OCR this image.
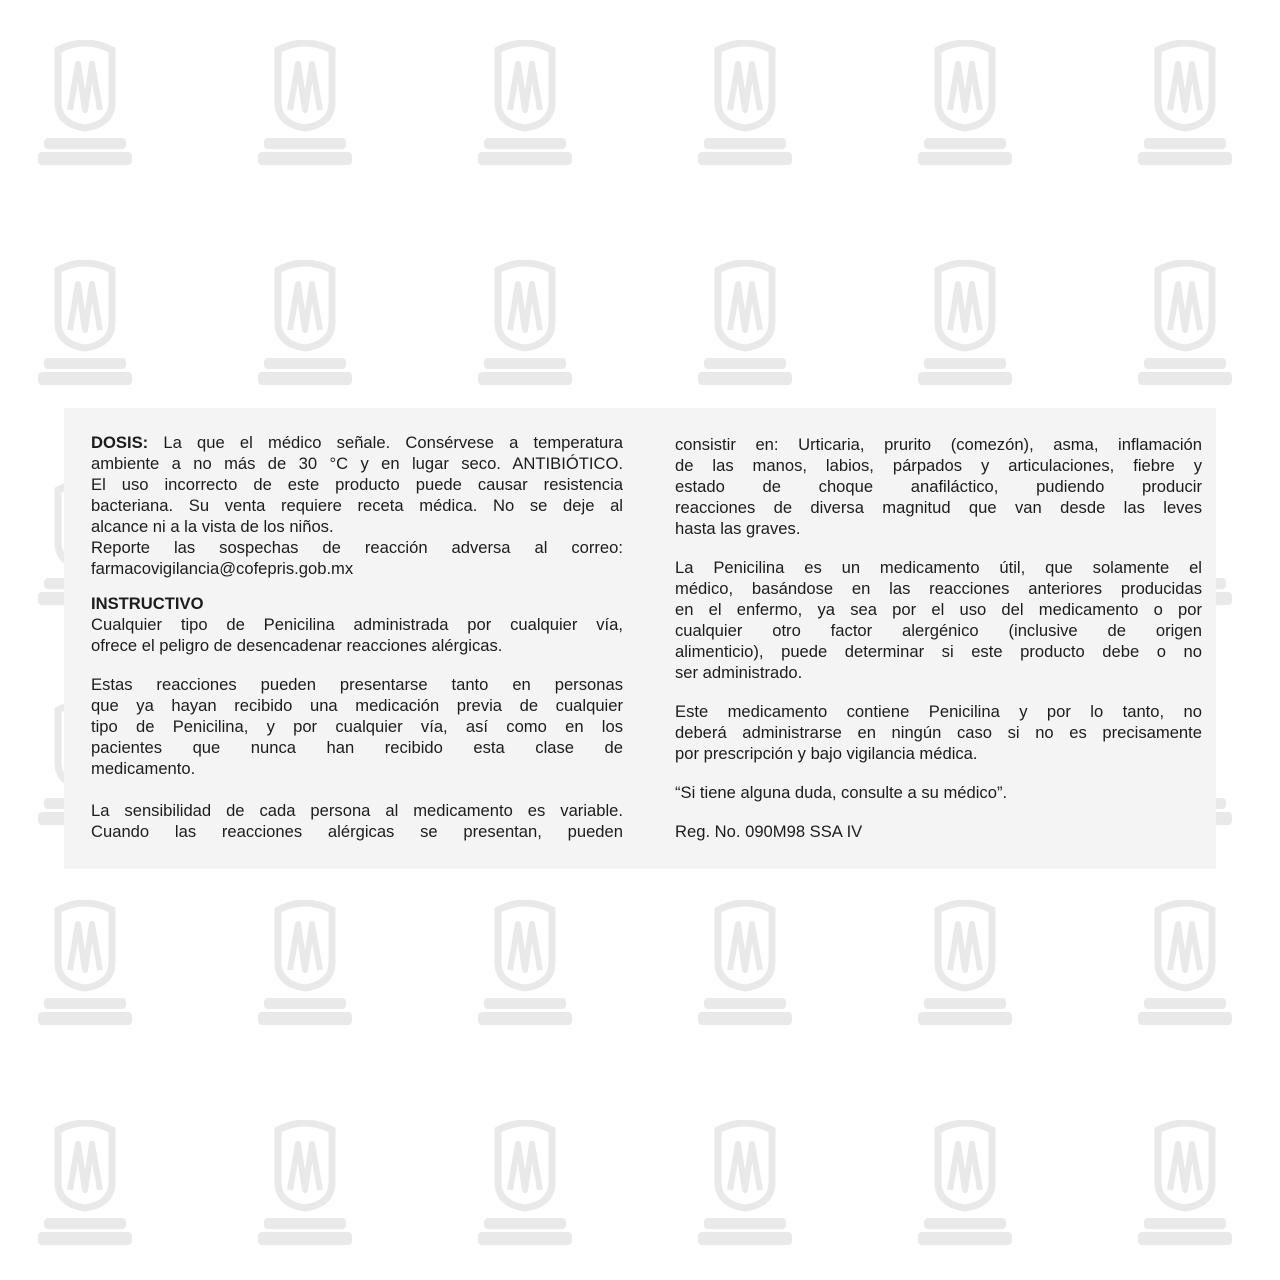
DOSIS: La que el médico señale. Consérvese a temperatura

ambiente a no más de 30 °C y en lugar seco. ANTIBIÓTICO.

El uso incorrecto de este producto puede causar resistencia

bacteriana. Su venta requiere receta médica. No se deje al

alcance ni a la vista de los niños.

Reporte las sospechas de reacción adversa al correo:

farmacovigilancia@cofepris.gob.mx

INSTRUCTIVO

Cualquier tipo de Penicilina administrada por cualquier vía,

ofrece el peligro de desencadenar reacciones alérgicas.

Estas reacciones pueden presentarse tanto en personas

que ya hayan recibido una medicación previa de cualquier

tipo de Penicilina, y por cualquier vía, así como en los

pacientes que nunca han recibido esta clase de

medicamento.

La sensibilidad de cada persona al medicamento es variable.

Cuando las reacciones alérgicas se presentan, pueden

consistir en: Urticaria, prurito (comezón), asma, inflamación

de las manos, labios, párpados y articulaciones, fiebre y

estado de choque anafiláctico, pudiendo producir

reacciones de diversa magnitud que van desde las leves

hasta las graves.

La Penicilina es un medicamento útil, que solamente el

médico, basándose en las reacciones anteriores producidas

en el enfermo, ya sea por el uso del medicamento o por

cualquier otro factor alergénico (inclusive de origen

alimenticio), puede determinar si este producto debe o no

ser administrado.

Este medicamento contiene Penicilina y por lo tanto, no

deberá administrarse en ningún caso si no es precisamente

por prescripción y bajo vigilancia médica.

“Si tiene alguna duda, consulte a su médico”.

Reg. No. 090M98 SSA IV
